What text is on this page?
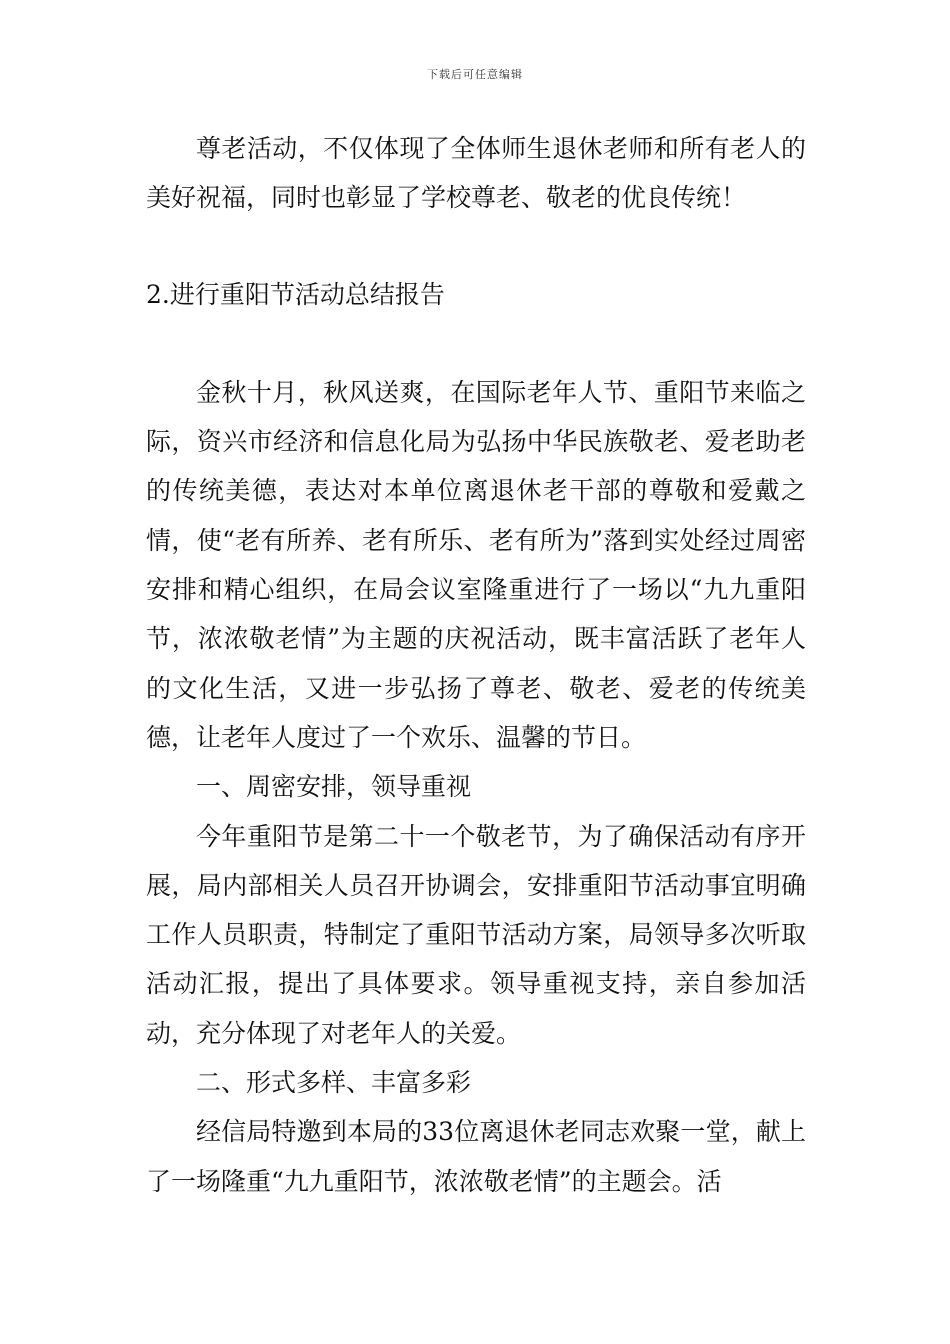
下载后可任意编辑

尊老活动，不仅体现了全体师生退休老师和所有老人的美好祝福，同时也彰显了学校尊老、敬老的优良传统！

2.进行重阳节活动总结报告

金秋十月，秋风送爽，在国际老年人节、重阳节来临之际，资兴市经济和信息化局为弘扬中华民族敬老、爱老助老的传统美德，表达对本单位离退休老干部的尊敬和爱戴之情，使“老有所养、老有所乐、老有所为”落到实处经过周密安排和精心组织，在局会议室隆重进行了一场以“九九重阳节，浓浓敬老情”为主题的庆祝活动，既丰富活跃了老年人的文化生活，又进一步弘扬了尊老、敬老、爱老的传统美德，让老年人度过了一个欢乐、温馨的节日。

一、周密安排，领导重视

今年重阳节是第二十一个敬老节，为了确保活动有序开展，局内部相关人员召开协调会，安排重阳节活动事宜明确工作人员职责，特制定了重阳节活动方案，局领导多次听取活动汇报，提出了具体要求。领导重视支持，亲自参加活动，充分体现了对老年人的关爱。

二、形式多样、丰富多彩

经信局特邀到本局的33位离退休老同志欢聚一堂，献上了一场隆重“九九重阳节，浓浓敬老情”的主题会。活
